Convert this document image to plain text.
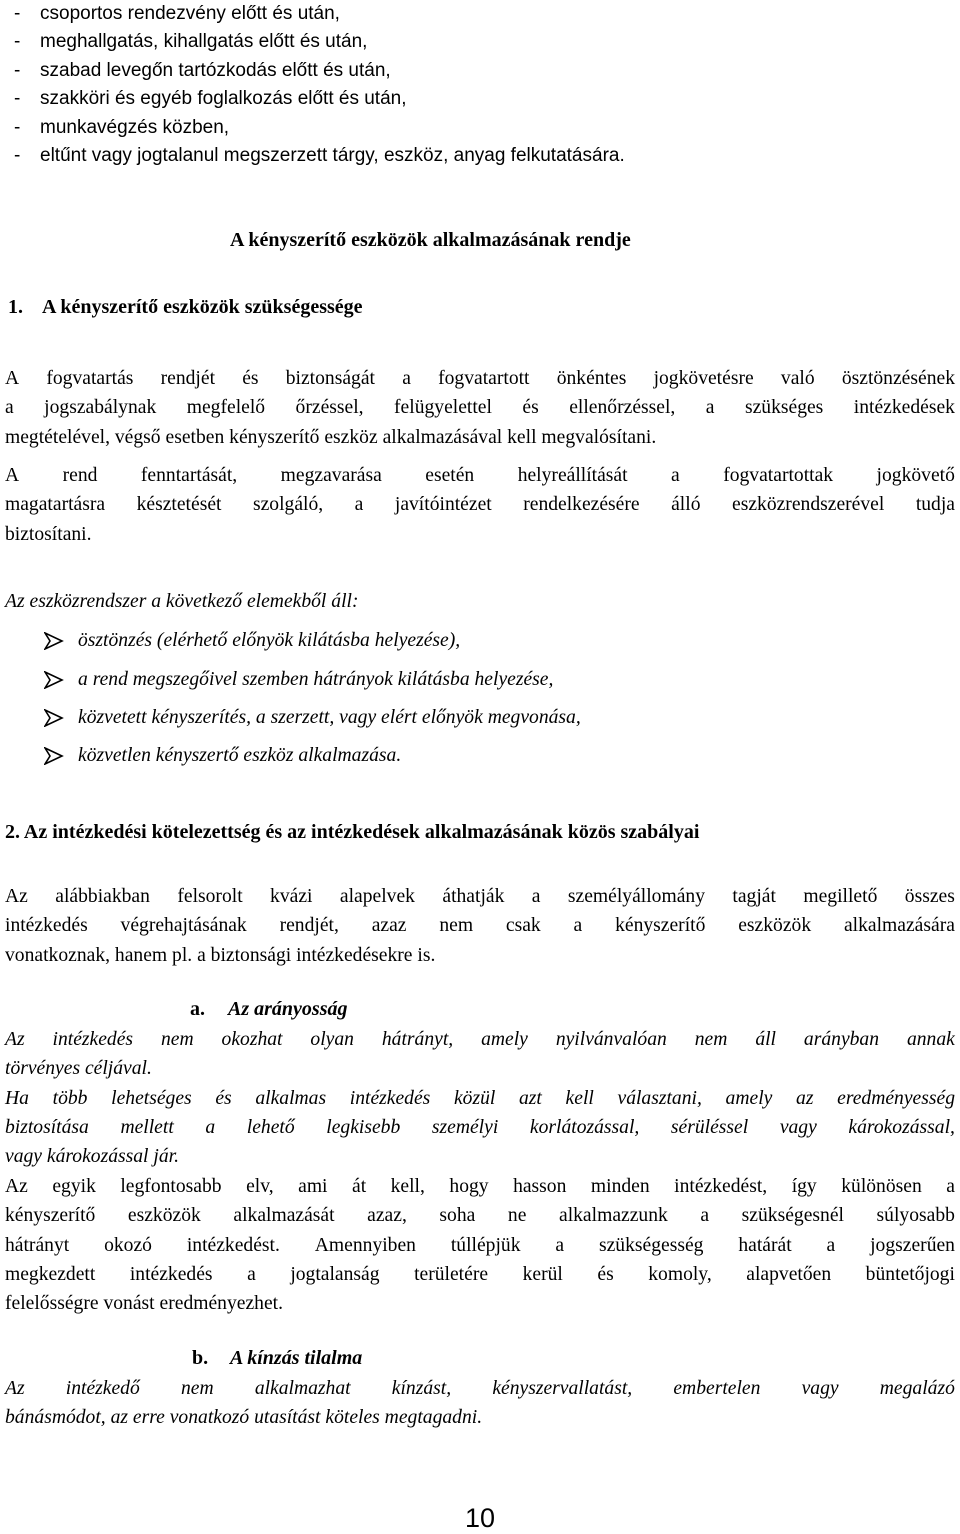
-	csoportos rendezvény előtt és után,
-	meghallgatás, kihallgatás előtt és után,
-	szabad levegőn tartózkodás előtt és után,
-	szakköri és egyéb foglalkozás előtt és után,
-	munkavégzés közben,
-	eltűnt vagy jogtalanul megszerzett tárgy, eszköz, anyag felkutatására.
A kényszerítő eszközök alkalmazásának rendje
1. A kényszerítő eszközök szükségessége
A fogvatartás rendjét és biztonságát a fogvatartott önkéntes jogkövetésre való ösztönzésének
a jogszabálynak megfelelő őrzéssel, felügyelettel és ellenőrzéssel, a szükséges intézkedések
megtételével, végső esetben kényszerítő eszköz alkalmazásával kell megvalósítani.
A rend fenntartását, megzavarása esetén helyreállítását a fogvatartottak jogkövető
magatartásra késztetését szolgáló, a javítóintézet rendelkezésére álló eszközrendszerével tudja
biztosítani.
Az eszközrendszer a következő elemekből áll:
ösztönzés (elérhető előnyök kilátásba helyezése),
a rend megszegőivel szemben hátrányok kilátásba helyezése,
közvetett kényszerítés, a szerzett, vagy elért előnyök megvonása,
közvetlen kényszertő eszköz alkalmazása.
2. Az intézkedési kötelezettség és az intézkedések alkalmazásának közös szabályai
Az alábbiakban felsorolt kvázi alapelvek áthatják a személyállomány tagját megillető összes
intézkedés végrehajtásának rendjét, azaz nem csak a kényszerítő eszközök alkalmazására
vonatkoznak, hanem pl. a biztonsági intézkedésekre is.
a. Az arányosság
Az intézkedés nem okozhat olyan hátrányt, amely nyilvánvalóan nem áll arányban annak
törvényes céljával.
Ha több lehetséges és alkalmas intézkedés közül azt kell választani, amely az eredményesség
biztosítása mellett a lehető legkisebb személyi korlátozással, sérüléssel vagy károkozással,
vagy károkozással jár.
Az egyik legfontosabb elv, ami át kell, hogy hasson minden intézkedést, így különösen a
kényszerítő eszközök alkalmazását azaz, soha ne alkalmazzunk a szükségesnél súlyosabb
hátrányt okozó intézkedést. Amennyiben túllépjük a szükségesség határát a jogszerűen
megkezdett intézkedés a jogtalanság területére kerül és komoly, alapvetően büntetőjogi
felelősségre vonást eredményezhet.
b. A kínzás tilalma
Az intézkedő nem alkalmazhat kínzást, kényszervallatást, embertelen vagy megalázó
bánásmódot, az erre vonatkozó utasítást köteles megtagadni.
10
